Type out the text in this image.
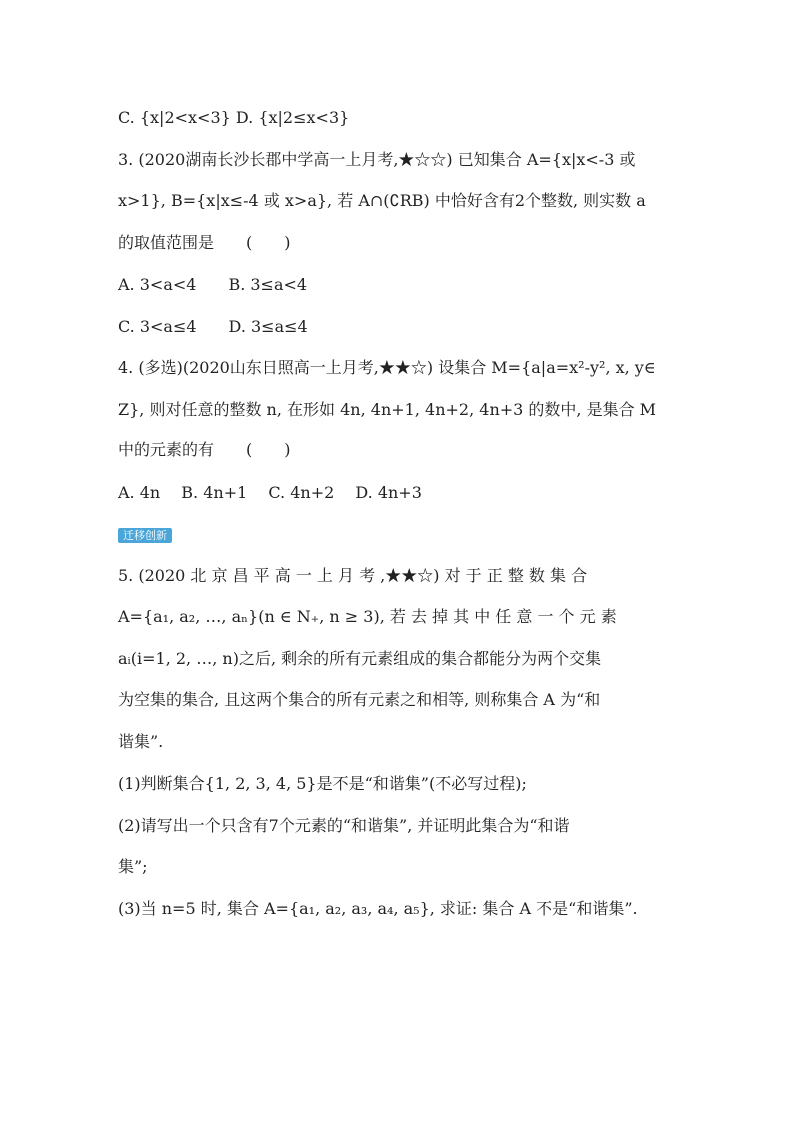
C. {x|2<x<3} D. {x|2≤x<3}
3. (2020湖南长沙长郡中学高一上月考,★☆☆) 已知集合 A={x|x<-3 或
x>1}, B={x|x≤-4 或 x>a}, 若 A∩(∁RB) 中恰好含有2个整数, 则实数 a
的取值范围是　　(　　)
A. 3<a<4　　B. 3≤a<4
C. 3<a≤4　　D. 3≤a≤4
4. (多选)(2020山东日照高一上月考,★★☆) 设集合 M={a|a=x²-y², x, y∈
Z}, 则对任意的整数 n, 在形如 4n, 4n+1, 4n+2, 4n+3 的数中, 是集合 M
中的元素的有　　(　　)
A. 4n　 B. 4n+1　 C. 4n+2　 D. 4n+3
迁移创新
5. (2020 北 京 昌 平 高 一 上 月 考 ,★★☆) 对 于 正 整 数 集 合
A={a₁, a₂, …, aₙ}(n ∈ N₊, n ≥ 3), 若 去 掉 其 中 任 意 一 个 元 素
aᵢ(i=1, 2, …, n)之后, 剩余的所有元素组成的集合都能分为两个交集
为空集的集合, 且这两个集合的所有元素之和相等, 则称集合 A 为“和
谐集”.
(1)判断集合{1, 2, 3, 4, 5}是不是“和谐集”(不必写过程);
(2)请写出一个只含有7个元素的“和谐集”, 并证明此集合为“和谐
集”;
(3)当 n=5 时, 集合 A={a₁, a₂, a₃, a₄, a₅}, 求证: 集合 A 不是“和谐集”.
